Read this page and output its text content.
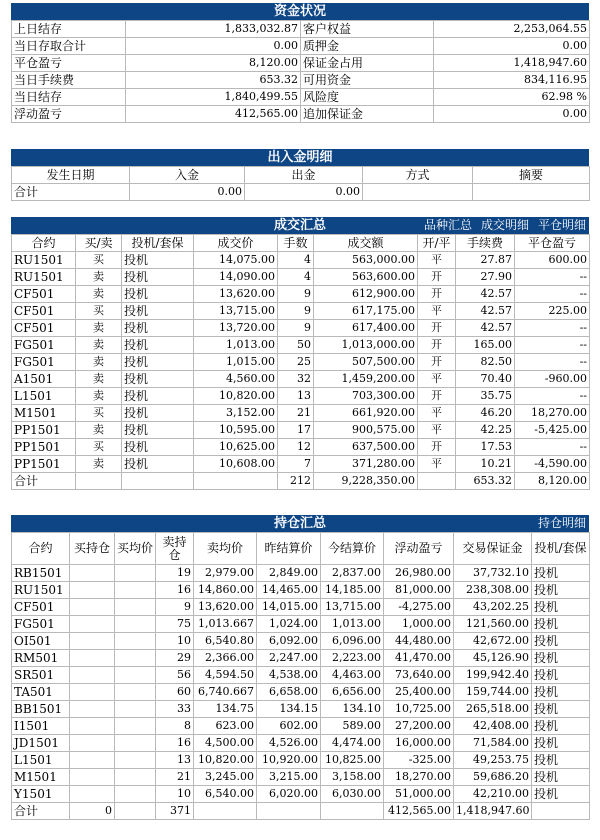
资金状况
上日结存	1,833,032.87	客户权益	2,253,064.55
当日存取合计	0.00	质押金	0.00
平仓盈亏	8,120.00	保证金占用	1,418,947.60
当日手续费	653.32	可用资金	834,116.95
当日结存	1,840,499.55	风险度	62.98 %
浮动盈亏	412,565.00	追加保证金	0.00
出入金明细
发生日期	入金	出金	方式	摘要
合计	0.00	0.00		
成交汇总	品种汇总 成交明细 平仓明细
合约	买/卖	投机/套保	成交价	手数	成交额	开/平	手续费	平仓盈亏
RU1501	买	投机	14,075.00	4	563,000.00	平	27.87	600.00
RU1501	卖	投机	14,090.00	4	563,600.00	开	27.90	--
CF501	卖	投机	13,620.00	9	612,900.00	开	42.57	--
CF501	买	投机	13,715.00	9	617,175.00	平	42.57	225.00
CF501	卖	投机	13,720.00	9	617,400.00	开	42.57	--
FG501	卖	投机	1,013.00	50	1,013,000.00	开	165.00	--
FG501	卖	投机	1,015.00	25	507,500.00	开	82.50	--
A1501	卖	投机	4,560.00	32	1,459,200.00	平	70.40	-960.00
L1501	卖	投机	10,820.00	13	703,300.00	开	35.75	--
M1501	买	投机	3,152.00	21	661,920.00	平	46.20	18,270.00
PP1501	卖	投机	10,595.00	17	900,575.00	平	42.25	-5,425.00
PP1501	买	投机	10,625.00	12	637,500.00	开	17.53	--
PP1501	卖	投机	10,608.00	7	371,280.00	平	10.21	-4,590.00
合计				212	9,228,350.00		653.32	8,120.00
持仓汇总	持仓明细
合约	买持仓	买均价	卖持仓	卖均价	昨结算价	今结算价	浮动盈亏	交易保证金	投机/套保
RB1501			19	2,979.00	2,849.00	2,837.00	26,980.00	37,732.10	投机
RU1501			16	14,860.00	14,465.00	14,185.00	81,000.00	238,308.00	投机
CF501			9	13,620.00	14,015.00	13,715.00	-4,275.00	43,202.25	投机
FG501			75	1,013.667	1,024.00	1,013.00	1,000.00	121,560.00	投机
OI501			10	6,540.80	6,092.00	6,096.00	44,480.00	42,672.00	投机
RM501			29	2,366.00	2,247.00	2,223.00	41,470.00	45,126.90	投机
SR501			56	4,594.50	4,538.00	4,463.00	73,640.00	199,942.40	投机
TA501			60	6,740.667	6,658.00	6,656.00	25,400.00	159,744.00	投机
BB1501			33	134.75	134.15	134.10	10,725.00	265,518.00	投机
I1501			8	623.00	602.00	589.00	27,200.00	42,408.00	投机
JD1501			16	4,500.00	4,526.00	4,474.00	16,000.00	71,584.00	投机
L1501			13	10,820.00	10,920.00	10,825.00	-325.00	49,253.75	投机
M1501			21	3,245.00	3,215.00	3,158.00	18,270.00	59,686.20	投机
Y1501			10	6,540.00	6,020.00	6,030.00	51,000.00	42,210.00	投机
合计	0		371				412,565.00	1,418,947.60	
